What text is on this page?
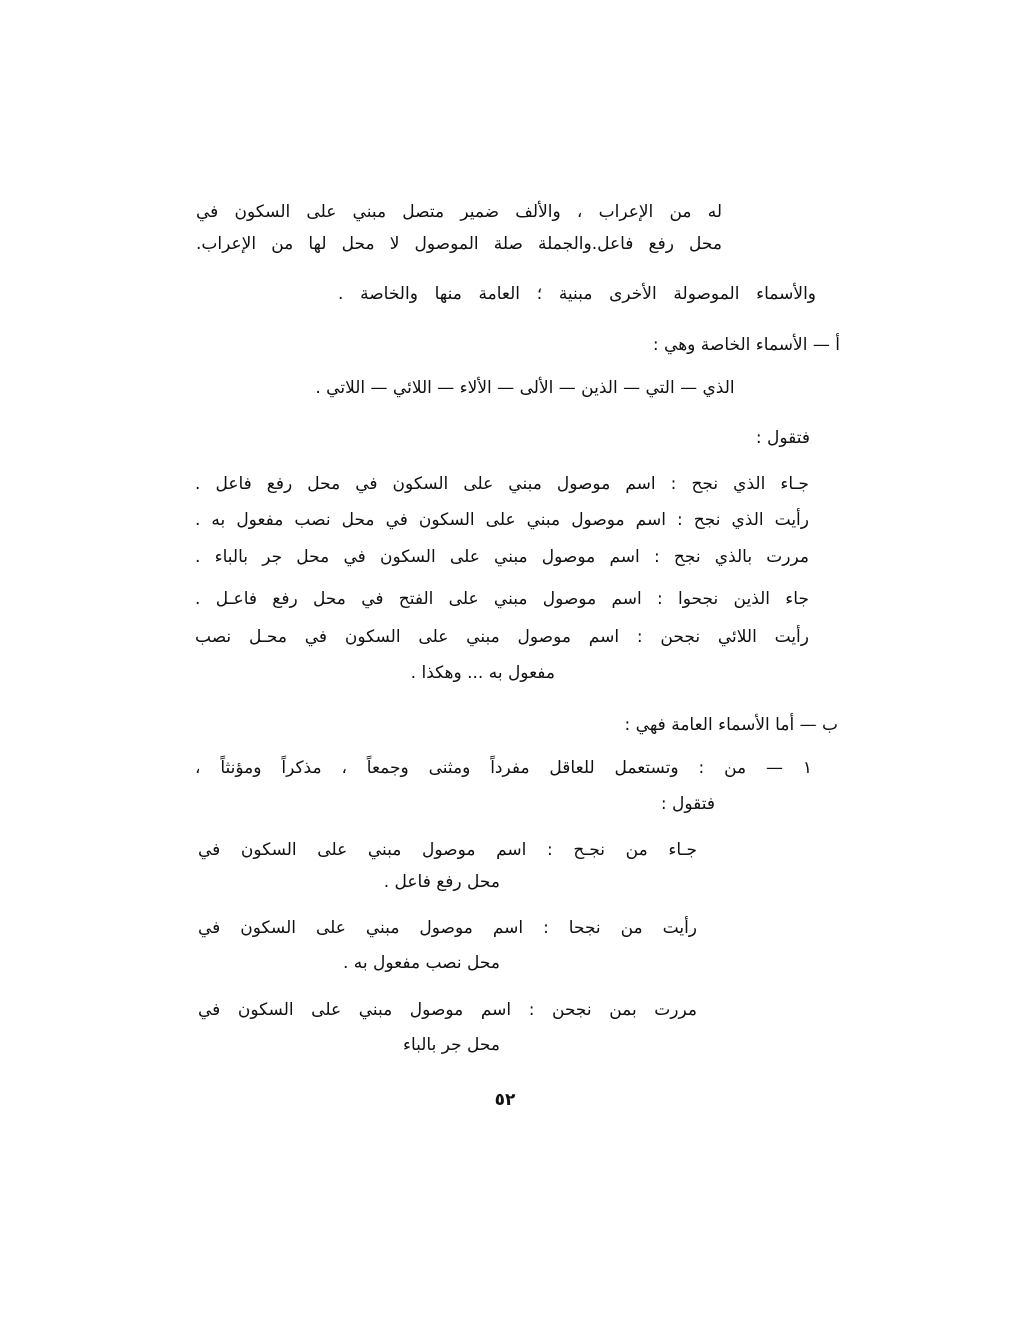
له من الإعراب ، والألف ضمير متصل مبني على السكون في
محل رفع فاعل.والجملة صلة الموصول لا محل لها من الإعراب.
والأسماء الموصولة الأخرى مبنية ؛ العامة منها والخاصة .
أ — الأسماء الخاصة وهي :
الذي — التي — الذين — الألى — الألاء — اللائي — اللاتي .
فتقول :
جـاء الذي نجح : اسم موصول مبني على السكون في محل رفع فاعل .
رأيت الذي نجح : اسم موصول مبني على السكون في محل نصب مفعول به .
مررت بالذي نجح : اسم موصول مبني على السكون في محل جر بالباء .
جاء الذين نجحوا : اسم موصول مبني على الفتح في محل رفع فاعـل .
رأيت اللائي نجحن : اسم موصول مبني على السكون في محـل نصب
مفعول به ... وهكذا .
ب — أما الأسماء العامة فهي :
١ — من : وتستعمل للعاقل مفرداً ومثنى وجمعاً ، مذكراً ومؤنثاً ،
فتقول :
جـاء من نجـح : اسم موصول مبني على السكون في
محل رفع فاعل .
رأيت من نجحا : اسم موصول مبني على السكون في
محل نصب مفعول به .
مررت بمن نجحن : اسم موصول مبني على السكون في
محل جر بالباء
٥٢
